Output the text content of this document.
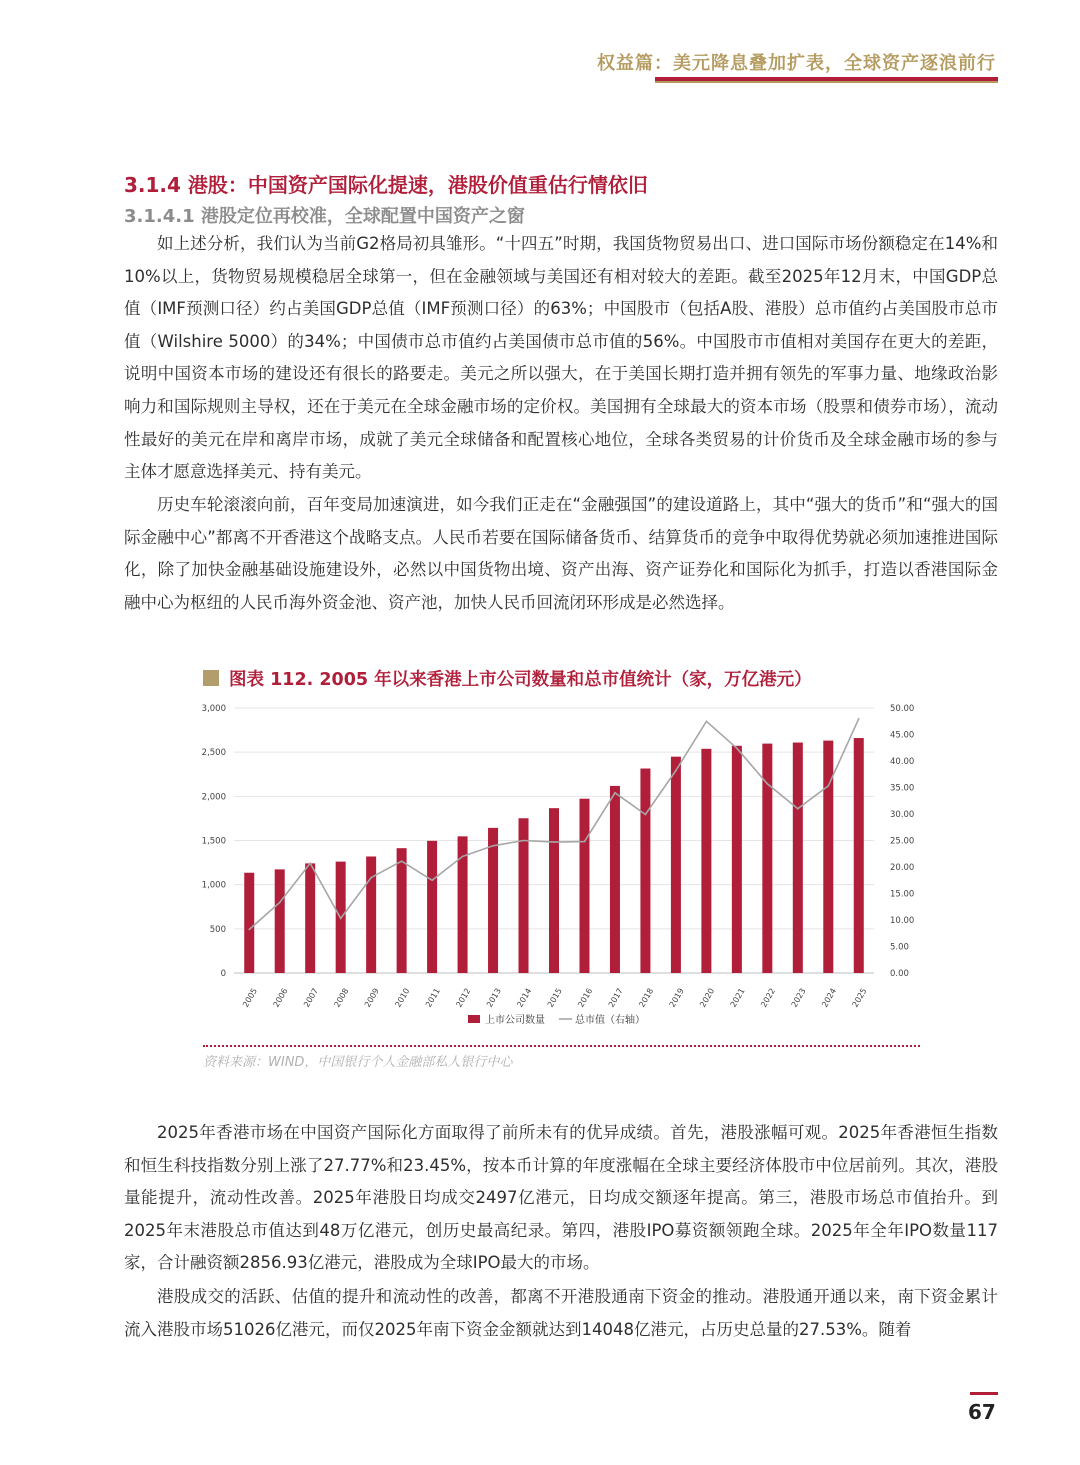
权益篇：美元降息叠加扩表，全球资产逐浪前行
3.1.4 港股：中国资产国际化提速，港股价值重估行情依旧
3.1.4.1 港股定位再校准，全球配置中国资产之窗

如上述分析，我们认为当前G2格局初具雏形。“十四五”时期，我国货物贸易出口、进口国际市场份额稳定在14%和10%以上，货物贸易规模稳居全球第一，但在金融领域与美国还有相对较大的差距。截至2025年12月末，中国GDP总值（IMF预测口径）约占美国GDP总值（IMF预测口径）的63%；中国股市（包括A股、港股）总市值约占美国股市总市值（Wilshire 5000）的34%；中国债市总市值约占美国债市总市值的56%。中国股市市值相对美国存在更大的差距，说明中国资本市场的建设还有很长的路要走。美元之所以强大，在于美国长期打造并拥有领先的军事力量、地缘政治影响力和国际规则主导权，还在于美元在全球金融市场的定价权。美国拥有全球最大的资本市场（股票和债券市场），流动性最好的美元在岸和离岸市场，成就了美元全球储备和配置核心地位，全球各类贸易的计价货币及全球金融市场的参与主体才愿意选择美元、持有美元。

历史车轮滚滚向前，百年变局加速演进，如今我们正走在“金融强国”的建设道路上，其中“强大的货币”和“强大的国际金融中心”都离不开香港这个战略支点。人民币若要在国际储备货币、结算货币的竞争中取得优势就必须加速推进国际化，除了加快金融基础设施建设外，必然以中国货物出境、资产出海、资产证券化和国际化为抓手，打造以香港国际金融中心为枢纽的人民币海外资金池、资产池，加快人民币回流闭环形成是必然选择。

图表 112. 2005 年以来香港上市公司数量和总市值统计（家，万亿港元）
0
500
1,000
1,500
2,000
2,500
3,000
0.00
5.00
10.00
15.00
20.00
25.00
30.00
35.00
40.00
45.00
50.00
2005 2006 2007 2008 2009 2010 2011 2012 2013 2014 2015 2016 2017 2018 2019 2020 2021 2022 2023 2024 2025
上市公司数量	总市值（右轴）
资料来源：WIND，中国银行个人金融部私人银行中心

2025年香港市场在中国资产国际化方面取得了前所未有的优异成绩。首先，港股涨幅可观。2025年香港恒生指数和恒生科技指数分别上涨了27.77%和23.45%，按本币计算的年度涨幅在全球主要经济体股市中位居前列。其次，港股量能提升，流动性改善。2025年港股日均成交2497亿港元，日均成交额逐年提高。第三，港股市场总市值抬升。到2025年末港股总市值达到48万亿港元，创历史最高纪录。第四，港股IPO募资额领跑全球。2025年全年IPO数量117家，合计融资额2856.93亿港元，港股成为全球IPO最大的市场。

港股成交的活跃、估值的提升和流动性的改善，都离不开港股通南下资金的推动。港股通开通以来，南下资金累计流入港股市场51026亿港元，而仅2025年南下资金金额就达到14048亿港元，占历史总量的27.53%。随着

67
